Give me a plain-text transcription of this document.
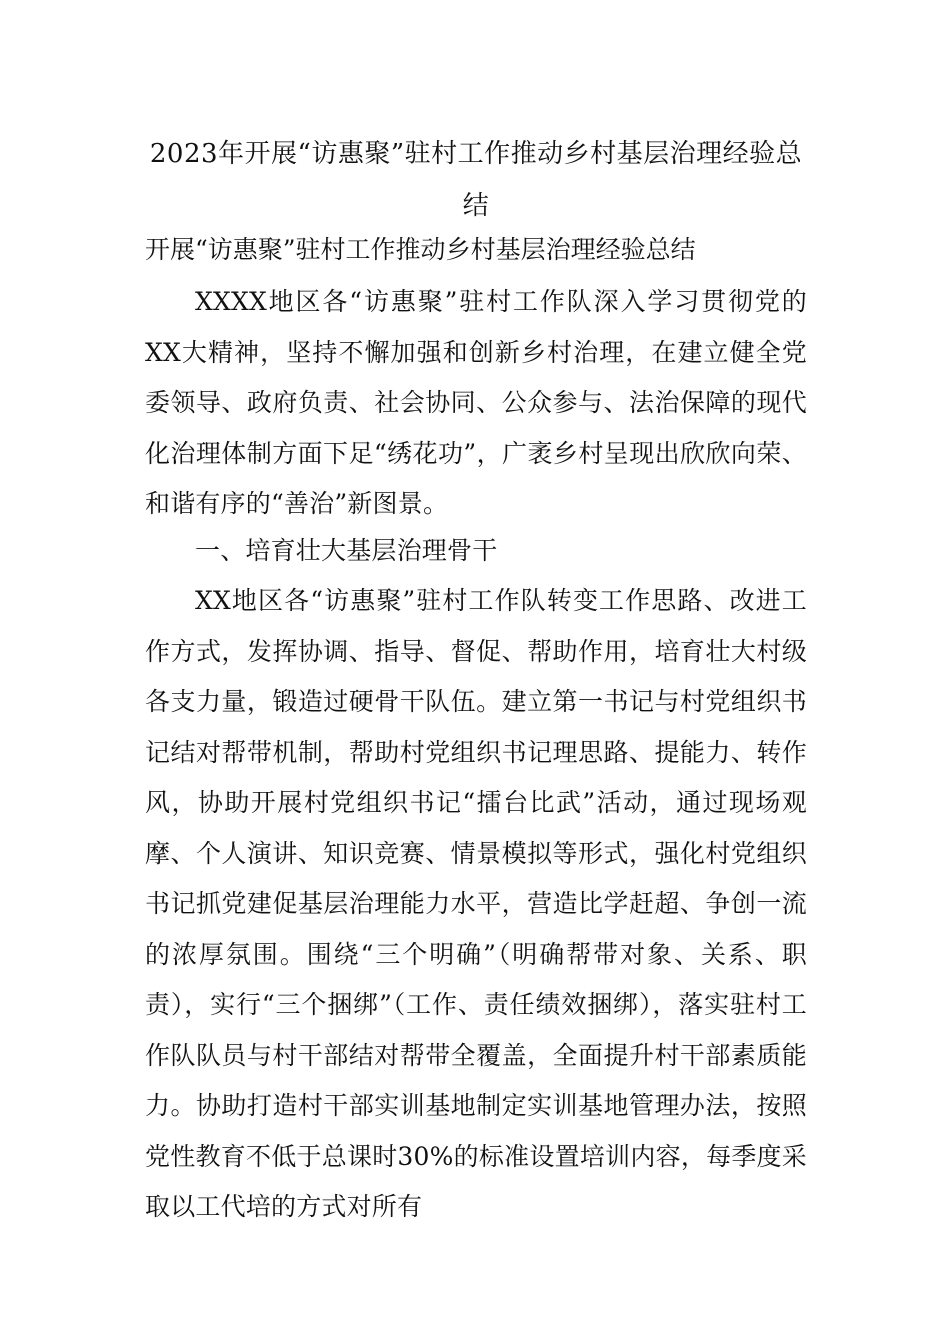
2023年开展“访惠聚”驻村工作推动乡村基层治理经验总结
开展“访惠聚”驻村工作推动乡村基层治理经验总结

XXXX地区各“访惠聚”驻村工作队深入学习贯彻党的XX大精神，坚持不懈加强和创新乡村治理，在建立健全党委领导、政府负责、社会协同、公众参与、法治保障的现代化治理体制方面下足“绣花功”，广袤乡村呈现出欣欣向荣、和谐有序的“善治”新图景。

一、培育壮大基层治理骨干

XX地区各“访惠聚”驻村工作队转变工作思路、改进工作方式，发挥协调、指导、督促、帮助作用，培育壮大村级各支力量，锻造过硬骨干队伍。建立第一书记与村党组织书记结对帮带机制，帮助村党组织书记理思路、提能力、转作风，协助开展村党组织书记“擂台比武”活动，通过现场观摩、个人演讲、知识竞赛、情景模拟等形式，强化村党组织书记抓党建促基层治理能力水平，营造比学赶超、争创一流的浓厚氛围。围绕“三个明确”（明确帮带对象、关系、职责），实行“三个捆绑”（工作、责任绩效捆绑），落实驻村工作队队员与村干部结对帮带全覆盖，全面提升村干部素质能力。协助打造村干部实训基地制定实训基地管理办法，按照党性教育不低于总课时30%的标准设置培训内容，每季度采取以工代培的方式对所有
